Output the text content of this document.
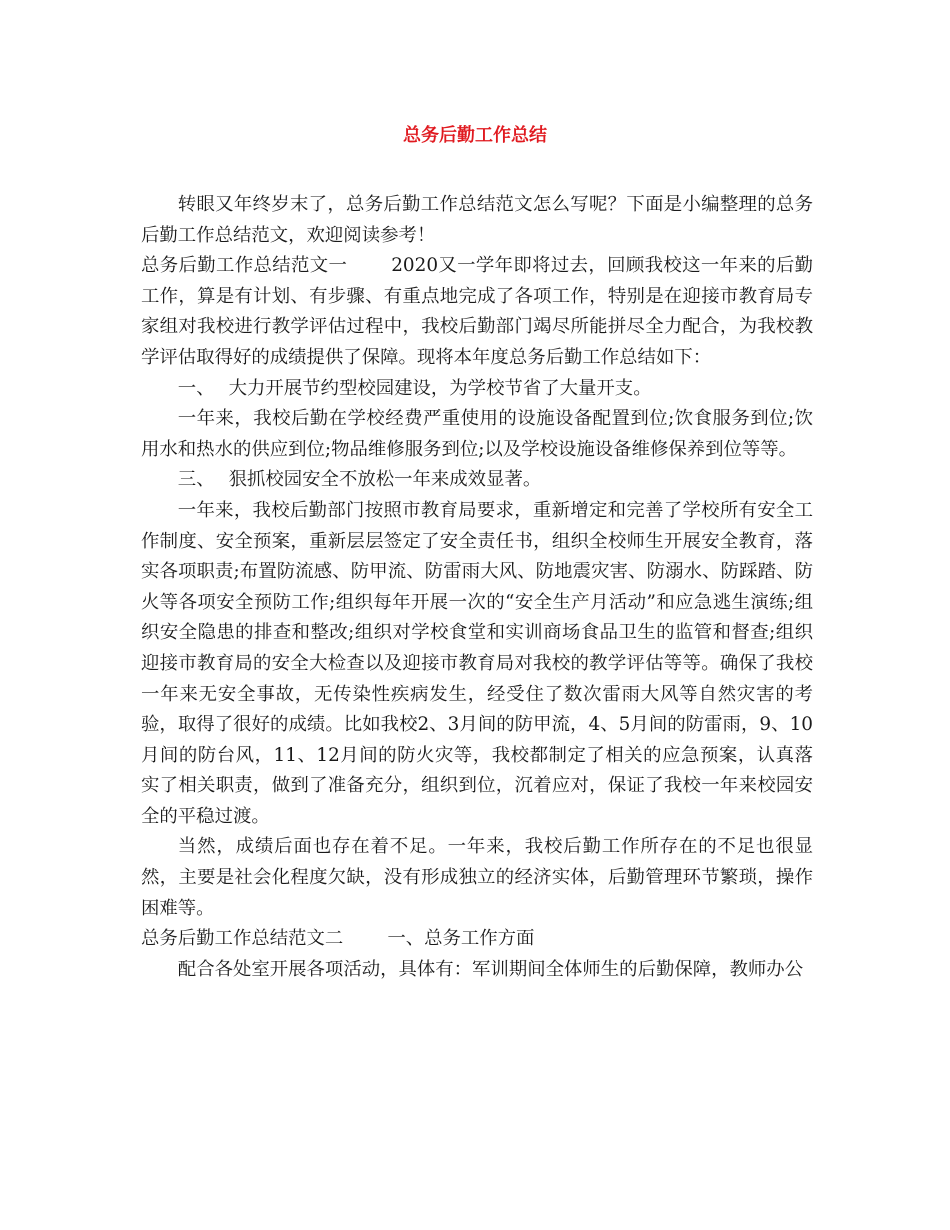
总务后勤工作总结

转眼又年终岁末了，总务后勤工作总结范文怎么写呢？下面是小编整理的总务后勤工作总结范文，欢迎阅读参考！

总务后勤工作总结范文一 2020又一学年即将过去，回顾我校这一年来的后勤工作，算是有计划、有步骤、有重点地完成了各项工作，特别是在迎接市教育局专家组对我校进行教学评估过程中，我校后勤部门竭尽所能拼尽全力配合，为我校教学评估取得好的成绩提供了保障。现将本年度总务后勤工作总结如下：

一、 大力开展节约型校园建设，为学校节省了大量开支。

一年来，我校后勤在学校经费严重使用的设施设备配置到位;饮食服务到位;饮用水和热水的供应到位;物品维修服务到位;以及学校设施设备维修保养到位等等。

三、 狠抓校园安全不放松一年来成效显著。

一年来，我校后勤部门按照市教育局要求，重新增定和完善了学校所有安全工作制度、安全预案，重新层层签定了安全责任书，组织全校师生开展安全教育，落实各项职责;布置防流感、防甲流、防雷雨大风、防地震灾害、防溺水、防踩踏、防火等各项安全预防工作;组织每年开展一次的“安全生产月活动”和应急逃生演练;组织安全隐患的排查和整改;组织对学校食堂和实训商场食品卫生的监管和督查;组织迎接市教育局的安全大检查以及迎接市教育局对我校的教学评估等等。确保了我校一年来无安全事故，无传染性疾病发生，经受住了数次雷雨大风等自然灾害的考验，取得了很好的成绩。比如我校2、3月间的防甲流，4、5月间的防雷雨，9、10月间的防台风，11、12月间的防火灾等，我校都制定了相关的应急预案，认真落实了相关职责，做到了准备充分，组织到位，沉着应对，保证了我校一年来校园安全的平稳过渡。

当然，成绩后面也存在着不足。一年来，我校后勤工作所存在的不足也很显然，主要是社会化程度欠缺，没有形成独立的经济实体，后勤管理环节繁琐，操作困难等。

总务后勤工作总结范文二 一、总务工作方面

配合各处室开展各项活动，具体有：军训期间全体师生的后勤保障，教师办公
